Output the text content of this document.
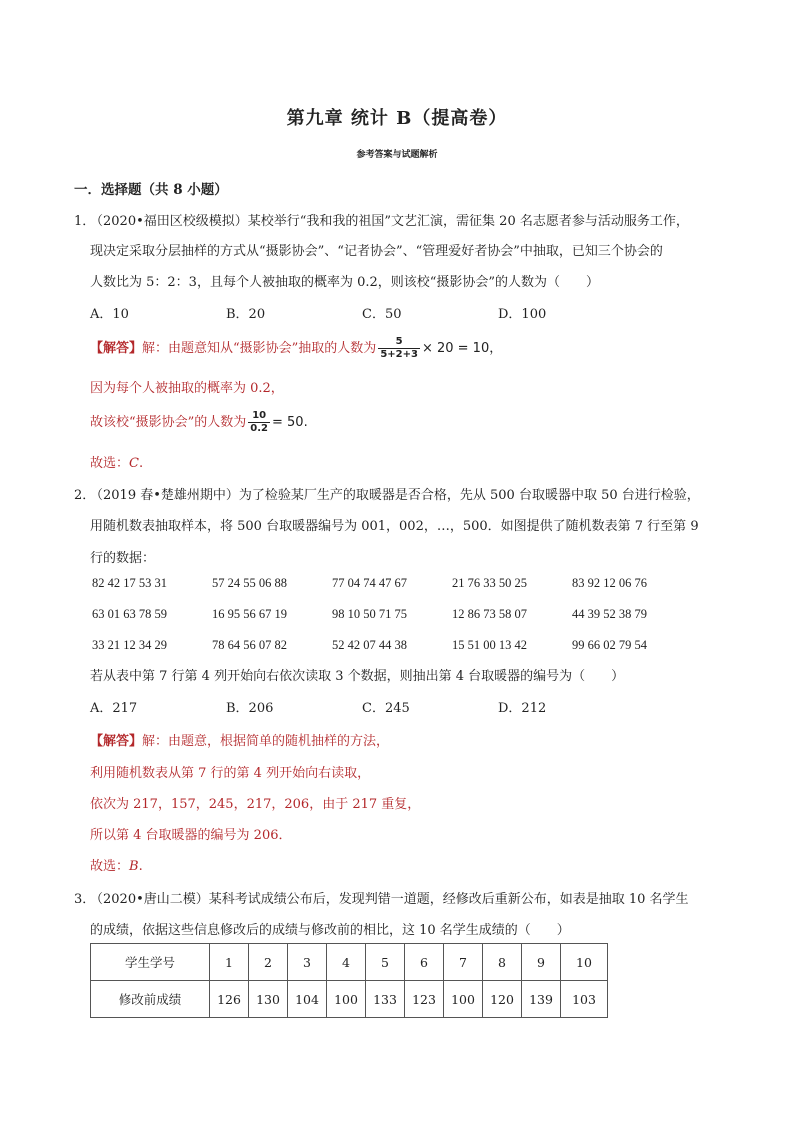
第九章 统计 B（提高卷）
参考答案与试题解析
一．选择题（共 8 小题）
1．
（2020•福田区校级模拟）某校举行“我和我的祖国”文艺汇演，需征集 20 名志愿者参与活动服务工作，
现决定采取分层抽样的方式从“摄影协会”、“记者协会”、“管理爱好者协会”中抽取，已知三个协会的
人数比为 5：2：3，且每个人被抽取的概率为 0.2，则该校“摄影协会”的人数为（　　）
A．10	B．20	C．50	D．100
【解答】解：由题意知从“摄影协会”抽取的人数为 $\frac{5}{5+2+3} \times 20 = 10$，
因为每个人被抽取的概率为 0.2，
故该校“摄影协会”的人数为 $\frac{10}{0.2} = 50$.
故选：C.
2．
（2019 春•楚雄州期中）为了检验某厂生产的取暖器是否合格，先从 500 台取暖器中取 50 台进行检验，
用随机数表抽取样本，将 500 台取暖器编号为 001，002，…，500．如图提供了随机数表第 7 行至第 9
行的数据：
82 42 17 53 31	57 24 55 06 88	77 04 74 47 67	21 76 33 50 25	83 92 12 06 76
63 01 63 78 59	16 95 56 67 19	98 10 50 71 75	12 86 73 58 07	44 39 52 38 79
33 21 12 34 29	78 64 56 07 82	52 42 07 44 38	15 51 00 13 42	99 66 02 79 54
若从表中第 7 行第 4 列开始向右依次读取 3 个数据，则抽出第 4 台取暖器的编号为（　　）
A．217	B．206	C．245	D．212
【解答】解：由题意，根据简单的随机抽样的方法，
利用随机数表从第 7 行的第 4 列开始向右读取，
依次为 217，157，245，217，206，由于 217 重复，
所以第 4 台取暖器的编号为 206．
故选：B.
3．
（2020•唐山二模）某科考试成绩公布后，发现判错一道题，经修改后重新公布，如表是抽取 10 名学生
的成绩，依据这些信息修改后的成绩与修改前的相比，这 10 名学生成绩的（　　）
学生学号	1	2	3	4	5	6	7	8	9	10
修改前成绩	126	130	104	100	133	123	100	120	139	103
